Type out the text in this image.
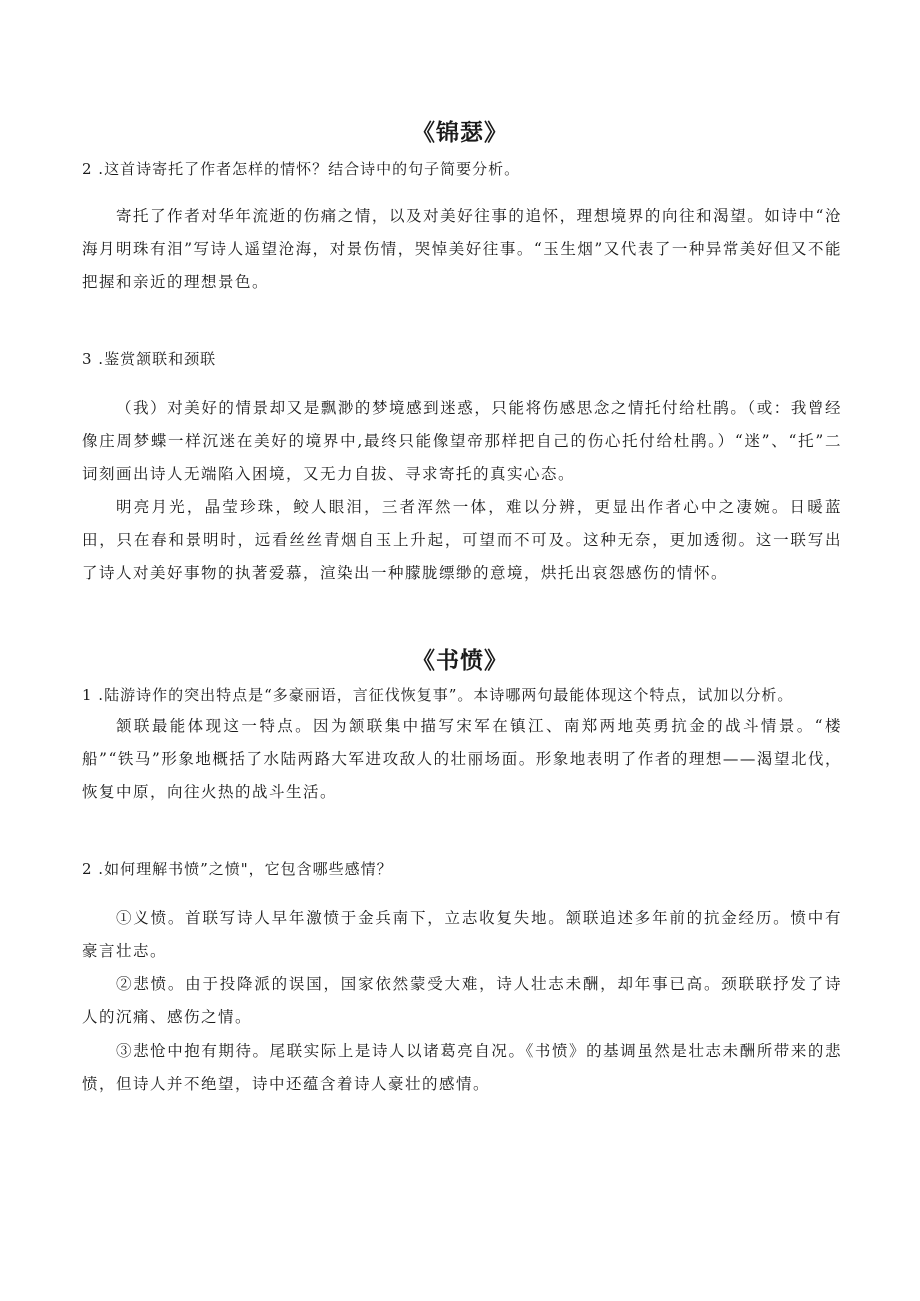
《锦瑟》
2 .这首诗寄托了作者怎样的情怀？结合诗中的句子简要分析。
寄托了作者对华年流逝的伤痛之情，以及对美好往事的追怀，理想境界的向往和渴望。如诗中“沧海月明珠有泪”写诗人遥望沧海，对景伤情，哭悼美好往事。“玉生烟”又代表了一种异常美好但又不能把握和亲近的理想景色。
3 .鉴赏颔联和颈联
（我）对美好的情景却又是飘渺的梦境感到迷惑，只能将伤感思念之情托付给杜鹃。（或：我曾经像庄周梦蝶一样沉迷在美好的境界中,最终只能像望帝那样把自己的伤心托付给杜鹃。）“迷”、“托”二词刻画出诗人无端陷入困境，又无力自拔、寻求寄托的真实心态。
明亮月光，晶莹珍珠，鲛人眼泪，三者浑然一体，难以分辨，更显出作者心中之凄婉。日暖蓝田，只在春和景明时，远看丝丝青烟自玉上升起，可望而不可及。这种无奈，更加透彻。这一联写出了诗人对美好事物的执著爱慕，渲染出一种朦胧缥缈的意境，烘托出哀怨感伤的情怀。
《书愤》
1 .陆游诗作的突出特点是“多豪丽语，言征伐恢复事”。本诗哪两句最能体现这个特点，试加以分析。
颔联最能体现这一特点。因为颔联集中描写宋军在镇江、南郑两地英勇抗金的战斗情景。“楼船”“铁马”形象地概括了水陆两路大军进攻敌人的壮丽场面。形象地表明了作者的理想——渴望北伐，恢复中原，向往火热的战斗生活。
2 .如何理解书愤”之愤"，它包含哪些感情？
①义愤。首联写诗人早年激愤于金兵南下，立志收复失地。颔联追述多年前的抗金经历。愤中有豪言壮志。
②悲愤。由于投降派的误国，国家依然蒙受大难，诗人壮志未酬，却年事已高。颈联联抒发了诗人的沉痛、感伤之情。
③悲怆中抱有期待。尾联实际上是诗人以诸葛亮自况。《书愤》的基调虽然是壮志未酬所带来的悲愤，但诗人并不绝望，诗中还蕴含着诗人豪壮的感情。
